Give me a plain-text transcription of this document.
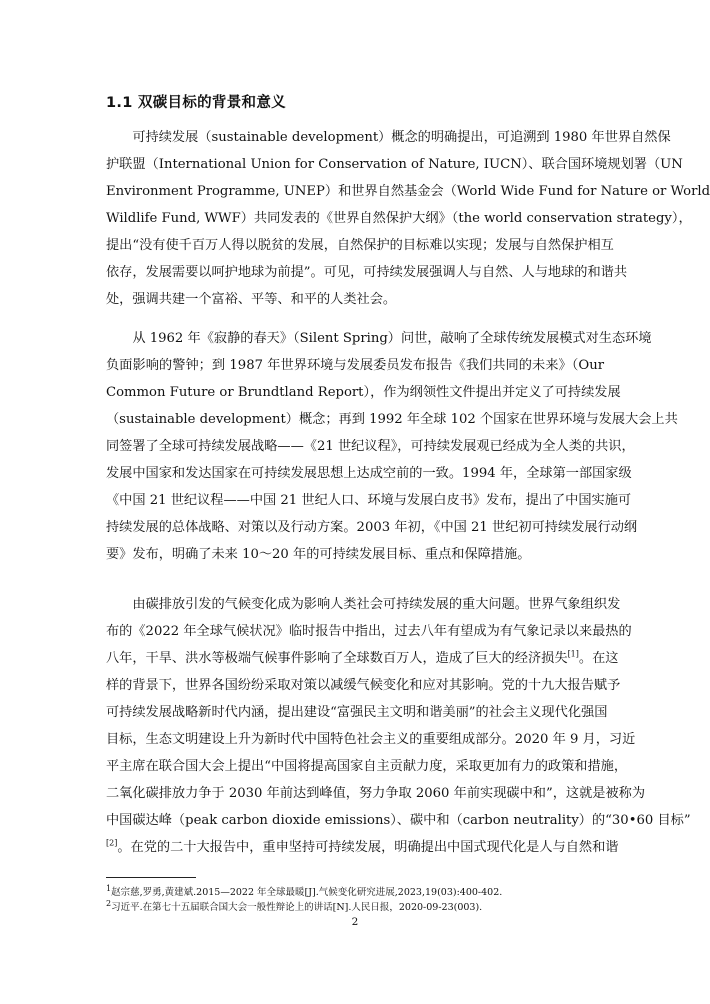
1.1 双碳目标的背景和意义
　　可持续发展（sustainable development）概念的明确提出，可追溯到 1980 年世界自然保
护联盟（International Union for Conservation of Nature, IUCN）、联合国环境规划署（UN
Environment Programme, UNEP）和世界自然基金会（World Wide Fund for Nature or World
Wildlife Fund, WWF）共同发表的《世界自然保护大纲》（the world conservation strategy），
提出“没有使千百万人得以脱贫的发展，自然保护的目标难以实现；发展与自然保护相互
依存，发展需要以呵护地球为前提”。可见，可持续发展强调人与自然、人与地球的和谐共
处，强调共建一个富裕、平等、和平的人类社会。
　　从 1962 年《寂静的春天》（Silent Spring）问世，敲响了全球传统发展模式对生态环境
负面影响的警钟；到 1987 年世界环境与发展委员发布报告《我们共同的未来》（Our
Common Future or Brundtland Report），作为纲领性文件提出并定义了可持续发展
（sustainable development）概念；再到 1992 年全球 102 个国家在世界环境与发展大会上共
同签署了全球可持续发展战略——《21 世纪议程》，可持续发展观已经成为全人类的共识，
发展中国家和发达国家在可持续发展思想上达成空前的一致。1994 年，全球第一部国家级
《中国 21 世纪议程——中国 21 世纪人口、环境与发展白皮书》发布，提出了中国实施可
持续发展的总体战略、对策以及行动方案。2003 年初，《中国 21 世纪初可持续发展行动纲
要》发布，明确了未来 10～20 年的可持续发展目标、重点和保障措施。
　　由碳排放引发的气候变化成为影响人类社会可持续发展的重大问题。世界气象组织发
布的《2022 年全球气候状况》临时报告中指出，过去八年有望成为有气象记录以来最热的
八年，干旱、洪水等极端气候事件影响了全球数百万人，造成了巨大的经济损失[1]。在这
样的背景下，世界各国纷纷采取对策以减缓气候变化和应对其影响。党的十九大报告赋予
可持续发展战略新时代内涵，提出建设“富强民主文明和谐美丽”的社会主义现代化强国
目标，生态文明建设上升为新时代中国特色社会主义的重要组成部分。2020 年 9 月，习近
平主席在联合国大会上提出“中国将提高国家自主贡献力度，采取更加有力的政策和措施，
二氧化碳排放力争于 2030 年前达到峰值，努力争取 2060 年前实现碳中和”，这就是被称为
中国碳达峰（peak carbon dioxide emissions）、碳中和（carbon neutrality）的“30•60 目标”
[2]。在党的二十大报告中，重申坚持可持续发展，明确提出中国式现代化是人与自然和谐
$^1$赵宗慈,罗勇,黄建斌.2015—2022 年全球最暖[J].气候变化研究进展,2023,19(03):400-402.
$^2$习近平.在第七十五届联合国大会一般性辩论上的讲话[N].人民日报，2020-09-23(003).
2
